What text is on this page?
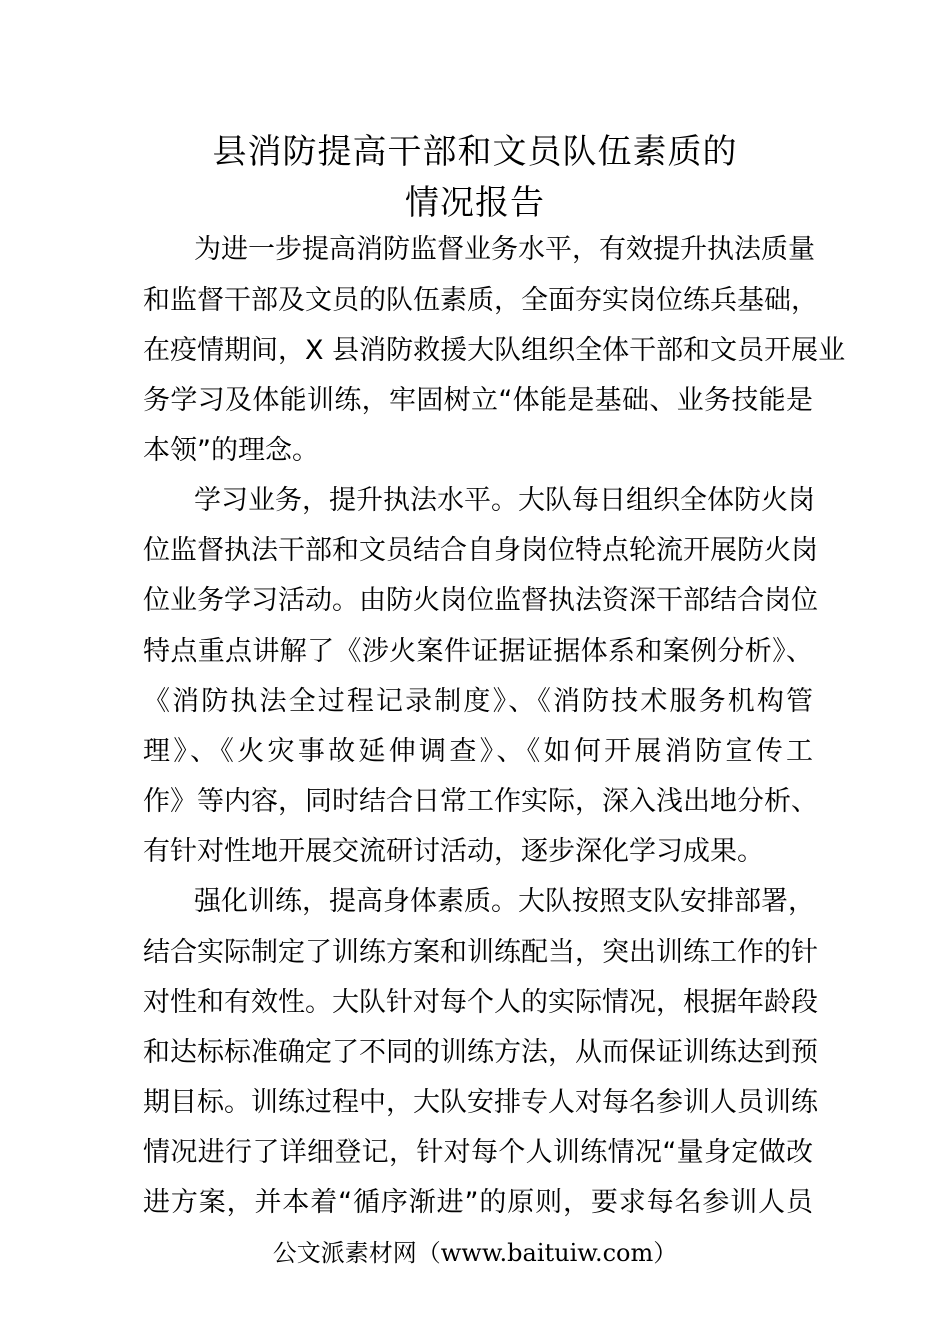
县消防提高干部和文员队伍素质的
情况报告
为进一步提高消防监督业务水平，有效提升执法质量
和监督干部及文员的队伍素质，全面夯实岗位练兵基础，
在疫情期间，X 县消防救援大队组织全体干部和文员开展业
务学习及体能训练，牢固树立“体能是基础、业务技能是
本领”的理念。
学习业务，提升执法水平。大队每日组织全体防火岗
位监督执法干部和文员结合自身岗位特点轮流开展防火岗
位业务学习活动。由防火岗位监督执法资深干部结合岗位
特点重点讲解了《涉火案件证据证据体系和案例分析》、
《消防执法全过程记录制度》、《消防技术服务机构管
理》、《火灾事故延伸调查》、《如何开展消防宣传工
作》等内容，同时结合日常工作实际，深入浅出地分析、
有针对性地开展交流研讨活动，逐步深化学习成果。
强化训练，提高身体素质。大队按照支队安排部署，
结合实际制定了训练方案和训练配当，突出训练工作的针
对性和有效性。大队针对每个人的实际情况，根据年龄段
和达标标准确定了不同的训练方法，从而保证训练达到预
期目标。训练过程中，大队安排专人对每名参训人员训练
情况进行了详细登记，针对每个人训练情况“量身定做改
进方案，并本着“循序渐进”的原则，要求每名参训人员
公文派素材网（www.baituiw.com）
